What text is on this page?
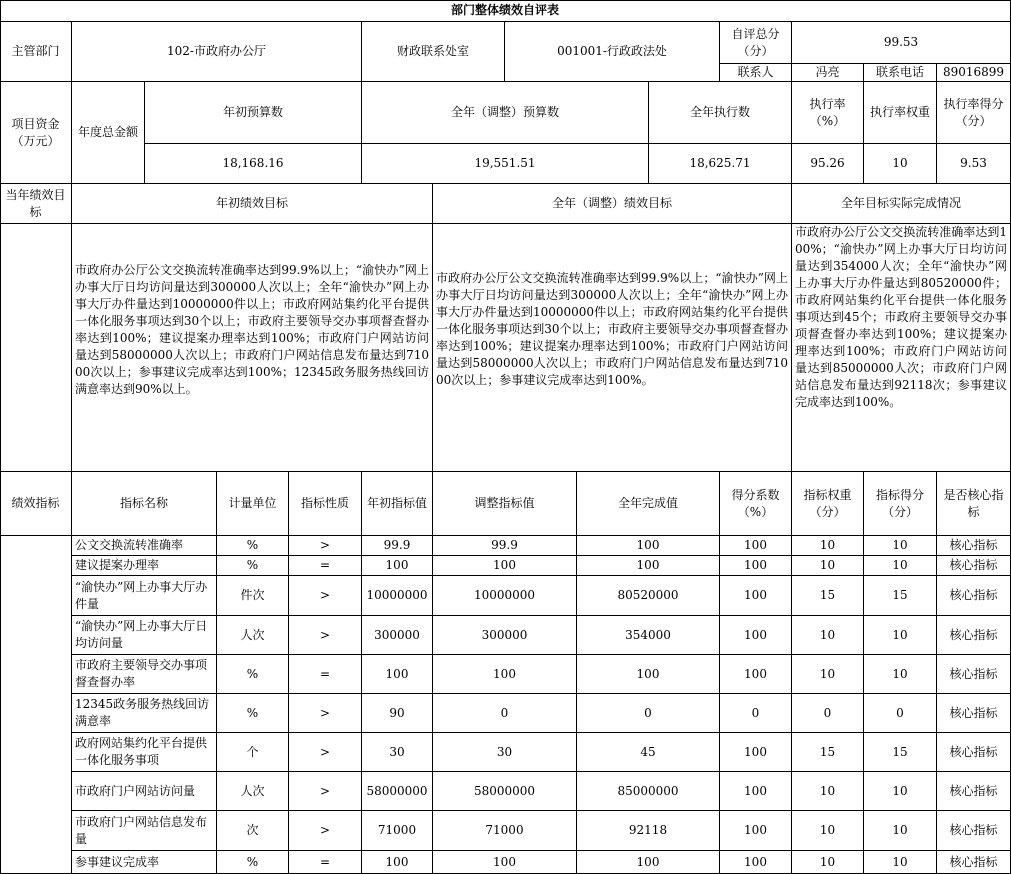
部门整体绩效自评表
主管部门	102-市政府办公厅	财政联系处室	001001-行政政法处
自评总分（分）
99.53
联系人	冯亮	联系电话	89016899
项目资金（万元）
年度总金额
年初预算数	全年（调整）预算数	全年执行数
执行率（%）
执行率权重
执行率得分（分）
18,168.16	19,551.51	18,625.71	95.26	10	9.53
当年绩效目标
年初绩效目标	全年（调整）绩效目标	全年目标实际完成情况
市政府办公厅公文交换流转准确率达到99.9%以上；“渝快办”网上办事大厅日均访问量达到300000人次以上；全年“渝快办”网上办事大厅办件量达到10000000件以上；市政府网站集约化平台提供一体化服务事项达到30个以上；市政府主要领导交办事项督查督办率达到100%；建议提案办理率达到100%；市政府门户网站访问量达到58000000人次以上；市政府门户网站信息发布量达到71000次以上；参事建议完成率达到100%；12345政务服务热线回访满意率达到90%以上。
市政府办公厅公文交换流转准确率达到99.9%以上；“渝快办”网上办事大厅日均访问量达到300000人次以上；全年“渝快办”网上办事大厅办件量达到10000000件以上；市政府网站集约化平台提供一体化服务事项达到30个以上；市政府主要领导交办事项督查督办率达到100%；建议提案办理率达到100%；市政府门户网站访问量达到58000000人次以上；市政府门户网站信息发布量达到71000次以上；参事建议完成率达到100%。
市政府办公厅公文交换流转准确率达到100%；“渝快办”网上办事大厅日均访问量达到354000人次；全年“渝快办”网上办事大厅办件量达到80520000件；市政府网站集约化平台提供一体化服务事项达到45个；市政府主要领导交办事项督查督办率达到100%；建议提案办理率达到100%；市政府门户网站访问量达到85000000人次；市政府门户网站信息发布量达到92118次；参事建议完成率达到100%。
绩效指标	指标名称	计量单位	指标性质	年初指标值	调整指标值	全年完成值
得分系数（%）
指标权重（分）
指标得分（分）
是否核心指标
公文交换流转准确率	%	>	99.9	99.9	100	100	10	10	核心指标
建议提案办理率	%	=	100	100	100	100	10	10	核心指标
“渝快办”网上办事大厅办件量
件次	>	10000000	10000000	80520000	100	15	15	核心指标
“渝快办”网上办事大厅日均访问量
人次	>	300000	300000	354000	100	10	10	核心指标
市政府主要领导交办事项督查督办率
%	=	100	100	100	100	10	10	核心指标
12345政务服务热线回访满意率
%	>	90	0	0	0	0	0	核心指标
政府网站集约化平台提供一体化服务事项
个	>	30	30	45	100	15	15	核心指标
市政府门户网站访问量	人次	>	58000000	58000000	85000000	100	10	10	核心指标
市政府门户网站信息发布量
次	>	71000	71000	92118	100	10	10	核心指标
参事建议完成率	%	=	100	100	100	100	10	10	核心指标
